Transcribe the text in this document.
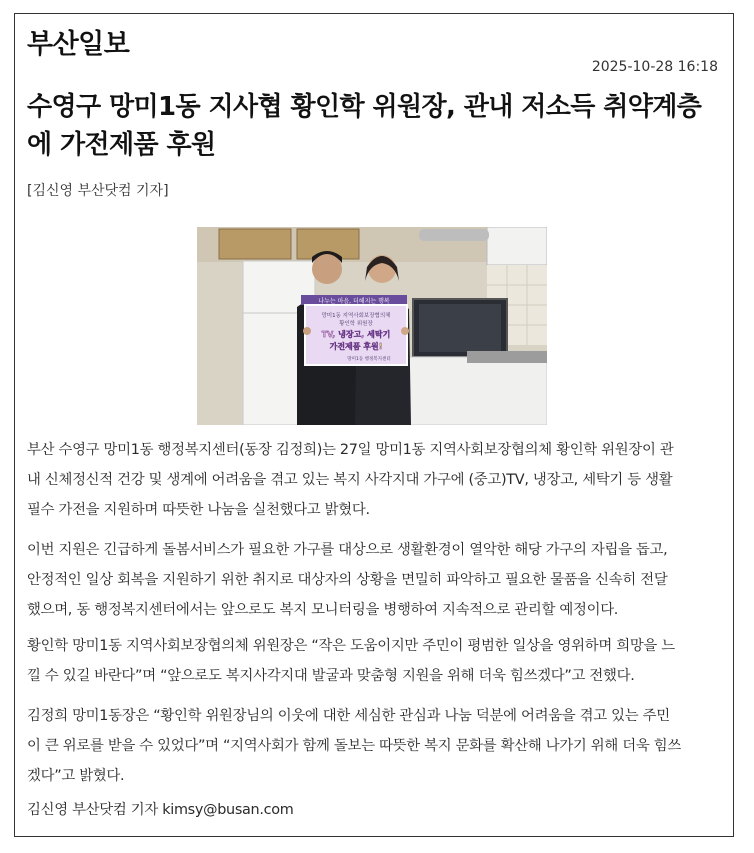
부산일보
2025-10-28 16:18
수영구 망미1동 지사협 황인학 위원장, 관내 저소득 취약계층
에 가전제품 후원
[김신영 부산닷컴 기자]
나누는 마음, 더해지는 행복
망미1동 지역사회보장협의체
황인학 위원장
TV, 냉장고, 세탁기
가전제품 후원!
망미1동 행정복지센터

부산 수영구 망미1동 행정복지센터(동장 김정희)는 27일 망미1동 지역사회보장협의체 황인학 위원장이 관
내 신체정신적 건강 및 생계에 어려움을 겪고 있는 복지 사각지대 가구에 (중고)TV, 냉장고, 세탁기 등 생활
필수 가전을 지원하며 따뜻한 나눔을 실천했다고 밝혔다.

이번 지원은 긴급하게 돌봄서비스가 필요한 가구를 대상으로 생활환경이 열악한 해당 가구의 자립을 돕고,
안정적인 일상 회복을 지원하기 위한 취지로 대상자의 상황을 면밀히 파악하고 필요한 물품을 신속히 전달
했으며, 동 행정복지센터에서는 앞으로도 복지 모니터링을 병행하여 지속적으로 관리할 예정이다.

황인학 망미1동 지역사회보장협의체 위원장은 “작은 도움이지만 주민이 평범한 일상을 영위하며 희망을 느
낄 수 있길 바란다”며 “앞으로도 복지사각지대 발굴과 맞춤형 지원을 위해 더욱 힘쓰겠다”고 전했다.

김정희 망미1동장은 “황인학 위원장님의 이웃에 대한 세심한 관심과 나눔 덕분에 어려움을 겪고 있는 주민
이 큰 위로를 받을 수 있었다”며 “지역사회가 함께 돌보는 따뜻한 복지 문화를 확산해 나가기 위해 더욱 힘쓰
겠다”고 밝혔다.

김신영 부산닷컴 기자 kimsy@busan.com
